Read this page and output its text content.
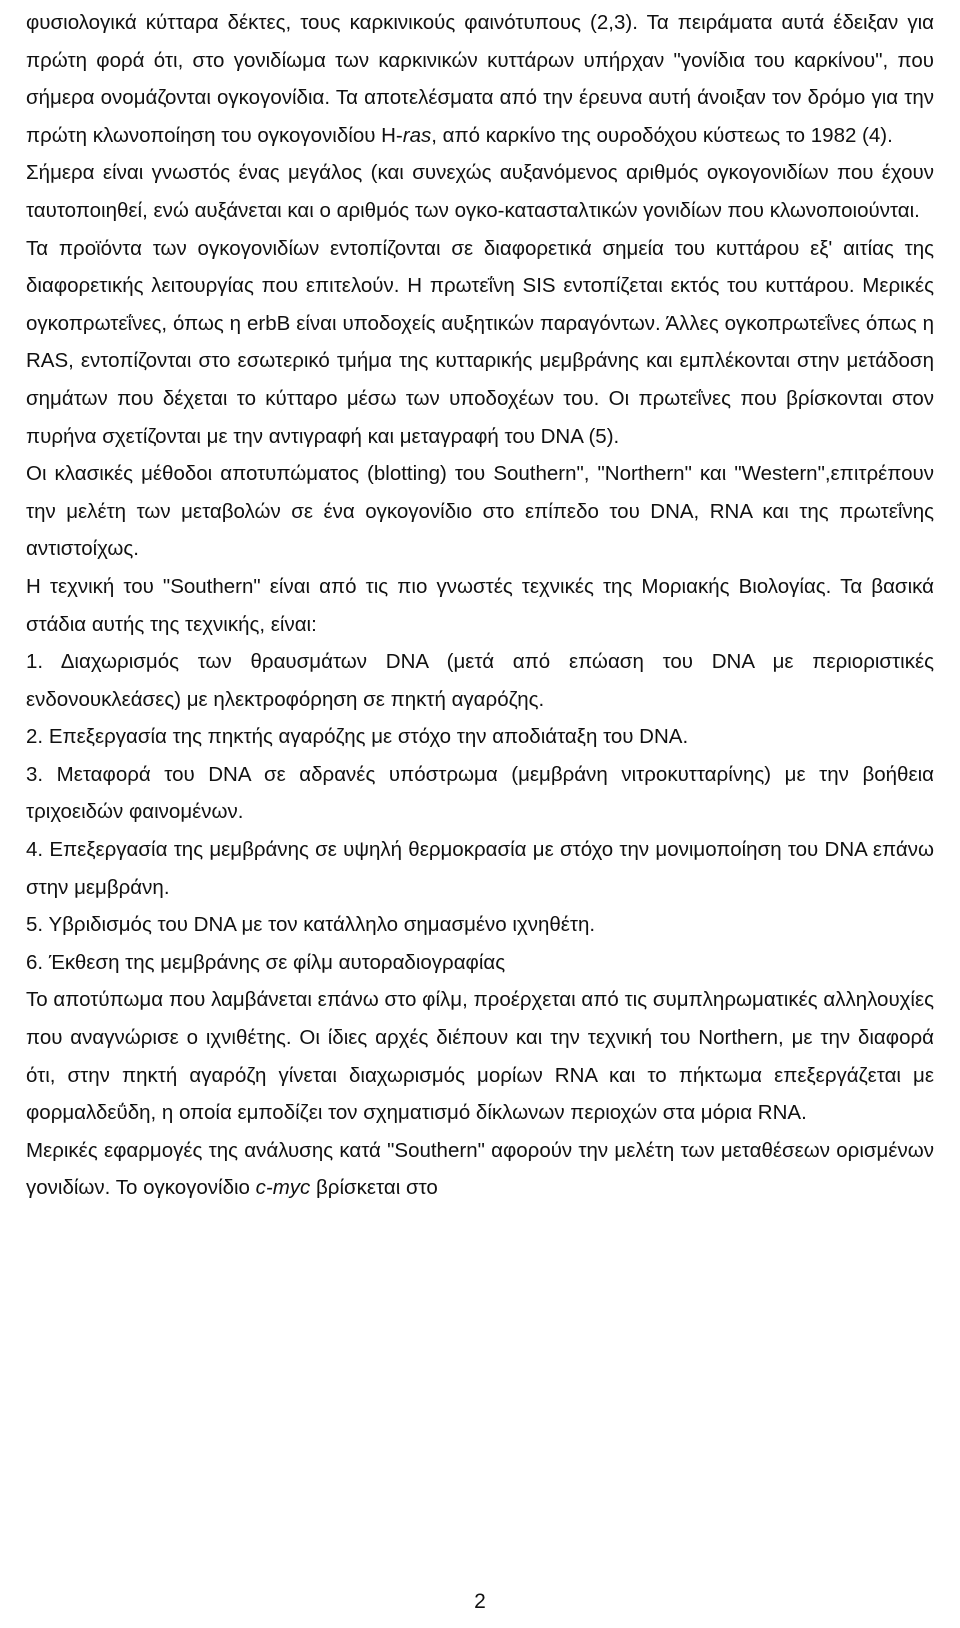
φυσιολογικά κύτταρα δέκτες, τους καρκινικούς φαινότυπους (2,3). Τα πειράματα αυτά έδειξαν για πρώτη φορά ότι, στο γονιδίωμα των καρκινικών κυττάρων υπήρχαν "γονίδια του καρκίνου", που σήμερα ονομάζονται ογκογονίδια. Τα αποτελέσματα από την έρευνα αυτή άνοιξαν τον δρόμο για την πρώτη κλωνοποίηση του ογκογονιδίου H-ras, από καρκίνο της ουροδόχου κύστεως το 1982 (4).

Σήμερα είναι γνωστός ένας μεγάλος (και συνεχώς αυξανόμενος αριθμός ογκογονιδίων που έχουν ταυτοποιηθεί, ενώ αυξάνεται και ο αριθμός των ογκο-κατασταλτικών γονιδίων που κλωνοποιούνται.

Τα προϊόντα των ογκογονιδίων εντοπίζονται σε διαφορετικά σημεία του κυττάρου εξ' αιτίας της διαφορετικής λειτουργίας που επιτελούν. Η πρωτεΐνη SIS εντοπίζεται εκτός του κυττάρου. Μερικές ογκοπρωτεΐνες, όπως η erbB είναι υποδοχείς αυξητικών παραγόντων. Άλλες ογκοπρωτεΐνες όπως η RAS, εντοπίζονται στο εσωτερικό τμήμα της κυτταρικής μεμβράνης και εμπλέκονται στην μετάδοση σημάτων που δέχεται το κύτταρο μέσω των υποδοχέων του. Οι πρωτεΐνες που βρίσκονται στον πυρήνα σχετίζονται με την αντιγραφή και μεταγραφή του DNA (5).

Οι κλασικές μέθοδοι αποτυπώματος (blotting) του Southern", "Northern" και "Western",επιτρέπουν την μελέτη των μεταβολών σε ένα ογκογονίδιο στο επίπεδο του DNA, RNA και της πρωτεΐνης αντιστοίχως.

Η τεχνική του "Southern" είναι από τις πιο γνωστές τεχνικές της Μοριακής Βιολογίας. Τα βασικά στάδια αυτής της τεχνικής, είναι:

1. Διαχωρισμός των θραυσμάτων DNA (μετά από επώαση του DNA με περιοριστικές ενδονουκλεάσες) με ηλεκτροφόρηση σε πηκτή αγαρόζης.

2. Επεξεργασία της πηκτής αγαρόζης με στόχο την αποδιάταξη του DNA.

3. Μεταφορά του DNA σε αδρανές υπόστρωμα (μεμβράνη νιτροκυτταρίνης) με την βοήθεια τριχοειδών φαινομένων.

4. Επεξεργασία της μεμβράνης σε υψηλή θερμοκρασία με στόχο την μονιμοποίηση του DNA επάνω στην μεμβράνη.

5. Υβριδισμός του DNA με τον κατάλληλο σημασμένο ιχνηθέτη.

6. Έκθεση της μεμβράνης σε φίλμ αυτοραδιογραφίας

Το αποτύπωμα που λαμβάνεται επάνω στο φίλμ, προέρχεται από τις συμπληρωματικές αλληλουχίες που αναγνώρισε ο ιχνιθέτης. Οι ίδιες αρχές διέπουν και την τεχνική του Northern, με την διαφορά ότι, στην πηκτή αγαρόζη γίνεται διαχωρισμός μορίων RNA και το πήκτωμα επεξεργάζεται με φορμαλδεΰδη, η οποία εμποδίζει τον σχηματισμό δίκλωνων περιοχών στα μόρια RNA.

Μερικές εφαρμογές της ανάλυσης κατά "Southern" αφορούν την μελέτη των μεταθέσεων ορισμένων γονιδίων. Το ογκογονίδιο c-myc βρίσκεται στο

2
